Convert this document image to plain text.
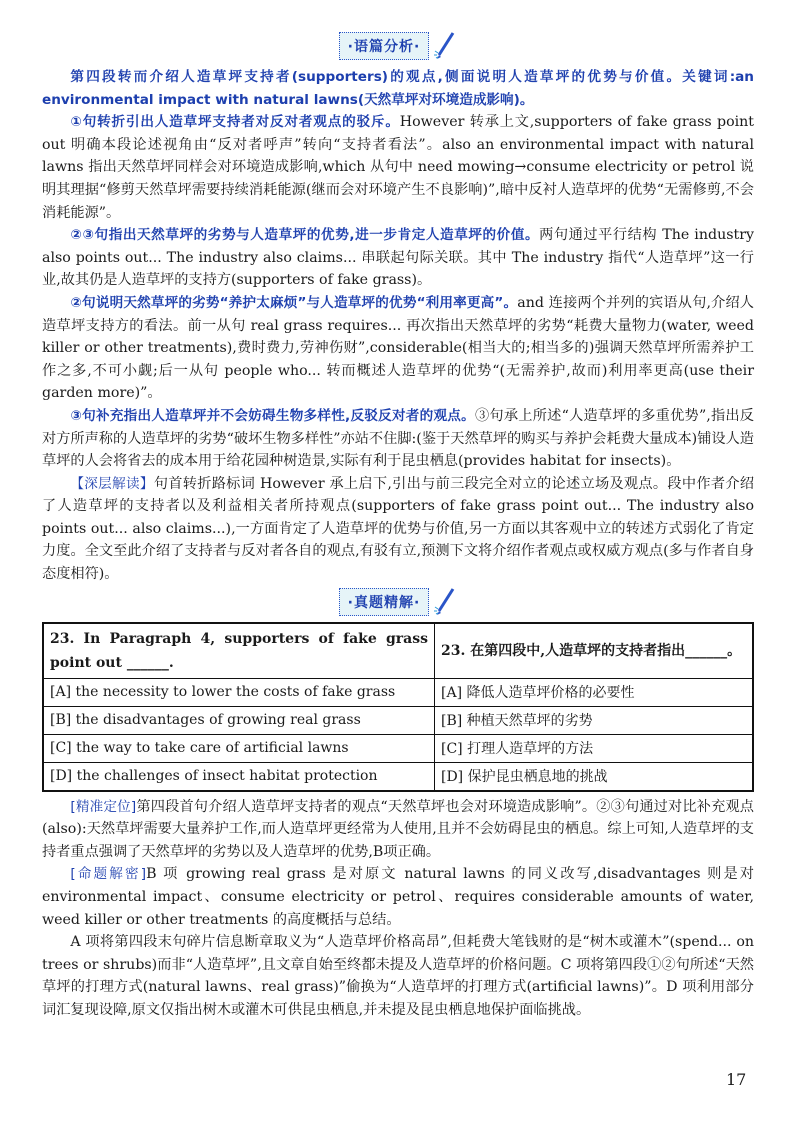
·语篇分析·

第四段转而介绍人造草坪支持者(supporters)的观点,侧面说明人造草坪的优势与价值。关键词:an environmental impact with natural lawns(天然草坪对环境造成影响)。

①句转折引出人造草坪支持者对反对者观点的驳斥。However 转承上文,supporters of fake grass point out 明确本段论述视角由“反对者呼声”转向“支持者看法”。also an environmental impact with natural lawns 指出天然草坪同样会对环境造成影响,which 从句中 need mowing→consume electricity or petrol 说明其理据“修剪天然草坪需要持续消耗能源(继而会对环境产生不良影响)”,暗中反衬人造草坪的优势“无需修剪,不会消耗能源”。

②③句指出天然草坪的劣势与人造草坪的优势,进一步肯定人造草坪的价值。两句通过平行结构 The industry also points out... The industry also claims... 串联起句际关联。其中 The industry 指代“人造草坪”这一行业,故其仍是人造草坪的支持方(supporters of fake grass)。

②句说明天然草坪的劣势“养护太麻烦”与人造草坪的优势“利用率更高”。and 连接两个并列的宾语从句,介绍人造草坪支持方的看法。前一从句 real grass requires... 再次指出天然草坪的劣势“耗费大量物力(water, weed killer or other treatments),费时费力,劳神伤财”,considerable(相当大的;相当多的)强调天然草坪所需养护工作之多,不可小觑;后一从句 people who... 转而概述人造草坪的优势“(无需养护,故而)利用率更高(use their garden more)”。

③句补充指出人造草坪并不会妨碍生物多样性,反驳反对者的观点。③句承上所述“人造草坪的多重优势”,指出反对方所声称的人造草坪的劣势“破坏生物多样性”亦站不住脚:(鉴于天然草坪的购买与养护会耗费大量成本)铺设人造草坪的人会将省去的成本用于给花园种树造景,实际有利于昆虫栖息(provides habitat for insects)。

【深层解读】句首转折路标词 However 承上启下,引出与前三段完全对立的论述立场及观点。段中作者介绍了人造草坪的支持者以及利益相关者所持观点(supporters of fake grass point out... The industry also points out... also claims...),一方面肯定了人造草坪的优势与价值,另一方面以其客观中立的转述方式弱化了肯定力度。全文至此介绍了支持者与反对者各自的观点,有驳有立,预测下文将介绍作者观点或权威方观点(多与作者自身态度相符)。

·真题精解·
23. In Paragraph 4, supporters of fake grass point out ______.	23. 在第四段中,人造草坪的支持者指出______。
[A] the necessity to lower the costs of fake grass	[A] 降低人造草坪价格的必要性
[B] the disadvantages of growing real grass	[B] 种植天然草坪的劣势
[C] the way to take care of artificial lawns	[C] 打理人造草坪的方法
[D] the challenges of insect habitat protection	[D] 保护昆虫栖息地的挑战

[精准定位]第四段首句介绍人造草坪支持者的观点“天然草坪也会对环境造成影响”。②③句通过对比补充观点(also):天然草坪需要大量养护工作,而人造草坪更经常为人使用,且并不会妨碍昆虫的栖息。综上可知,人造草坪的支持者重点强调了天然草坪的劣势以及人造草坪的优势,B项正确。

[命题解密]B 项 growing real grass 是对原文 natural lawns 的同义改写,disadvantages 则是对 environmental impact、consume electricity or petrol、requires considerable amounts of water, weed killer or other treatments 的高度概括与总结。

A 项将第四段末句碎片信息断章取义为“人造草坪价格高昂”,但耗费大笔钱财的是“树木或灌木”(spend... on trees or shrubs)而非“人造草坪”,且文章自始至终都未提及人造草坪的价格问题。C 项将第四段①②句所述“天然草坪的打理方式(natural lawns、real grass)”偷换为“人造草坪的打理方式(artificial lawns)”。D 项利用部分词汇复现设障,原文仅指出树木或灌木可供昆虫栖息,并未提及昆虫栖息地保护面临挑战。

17
